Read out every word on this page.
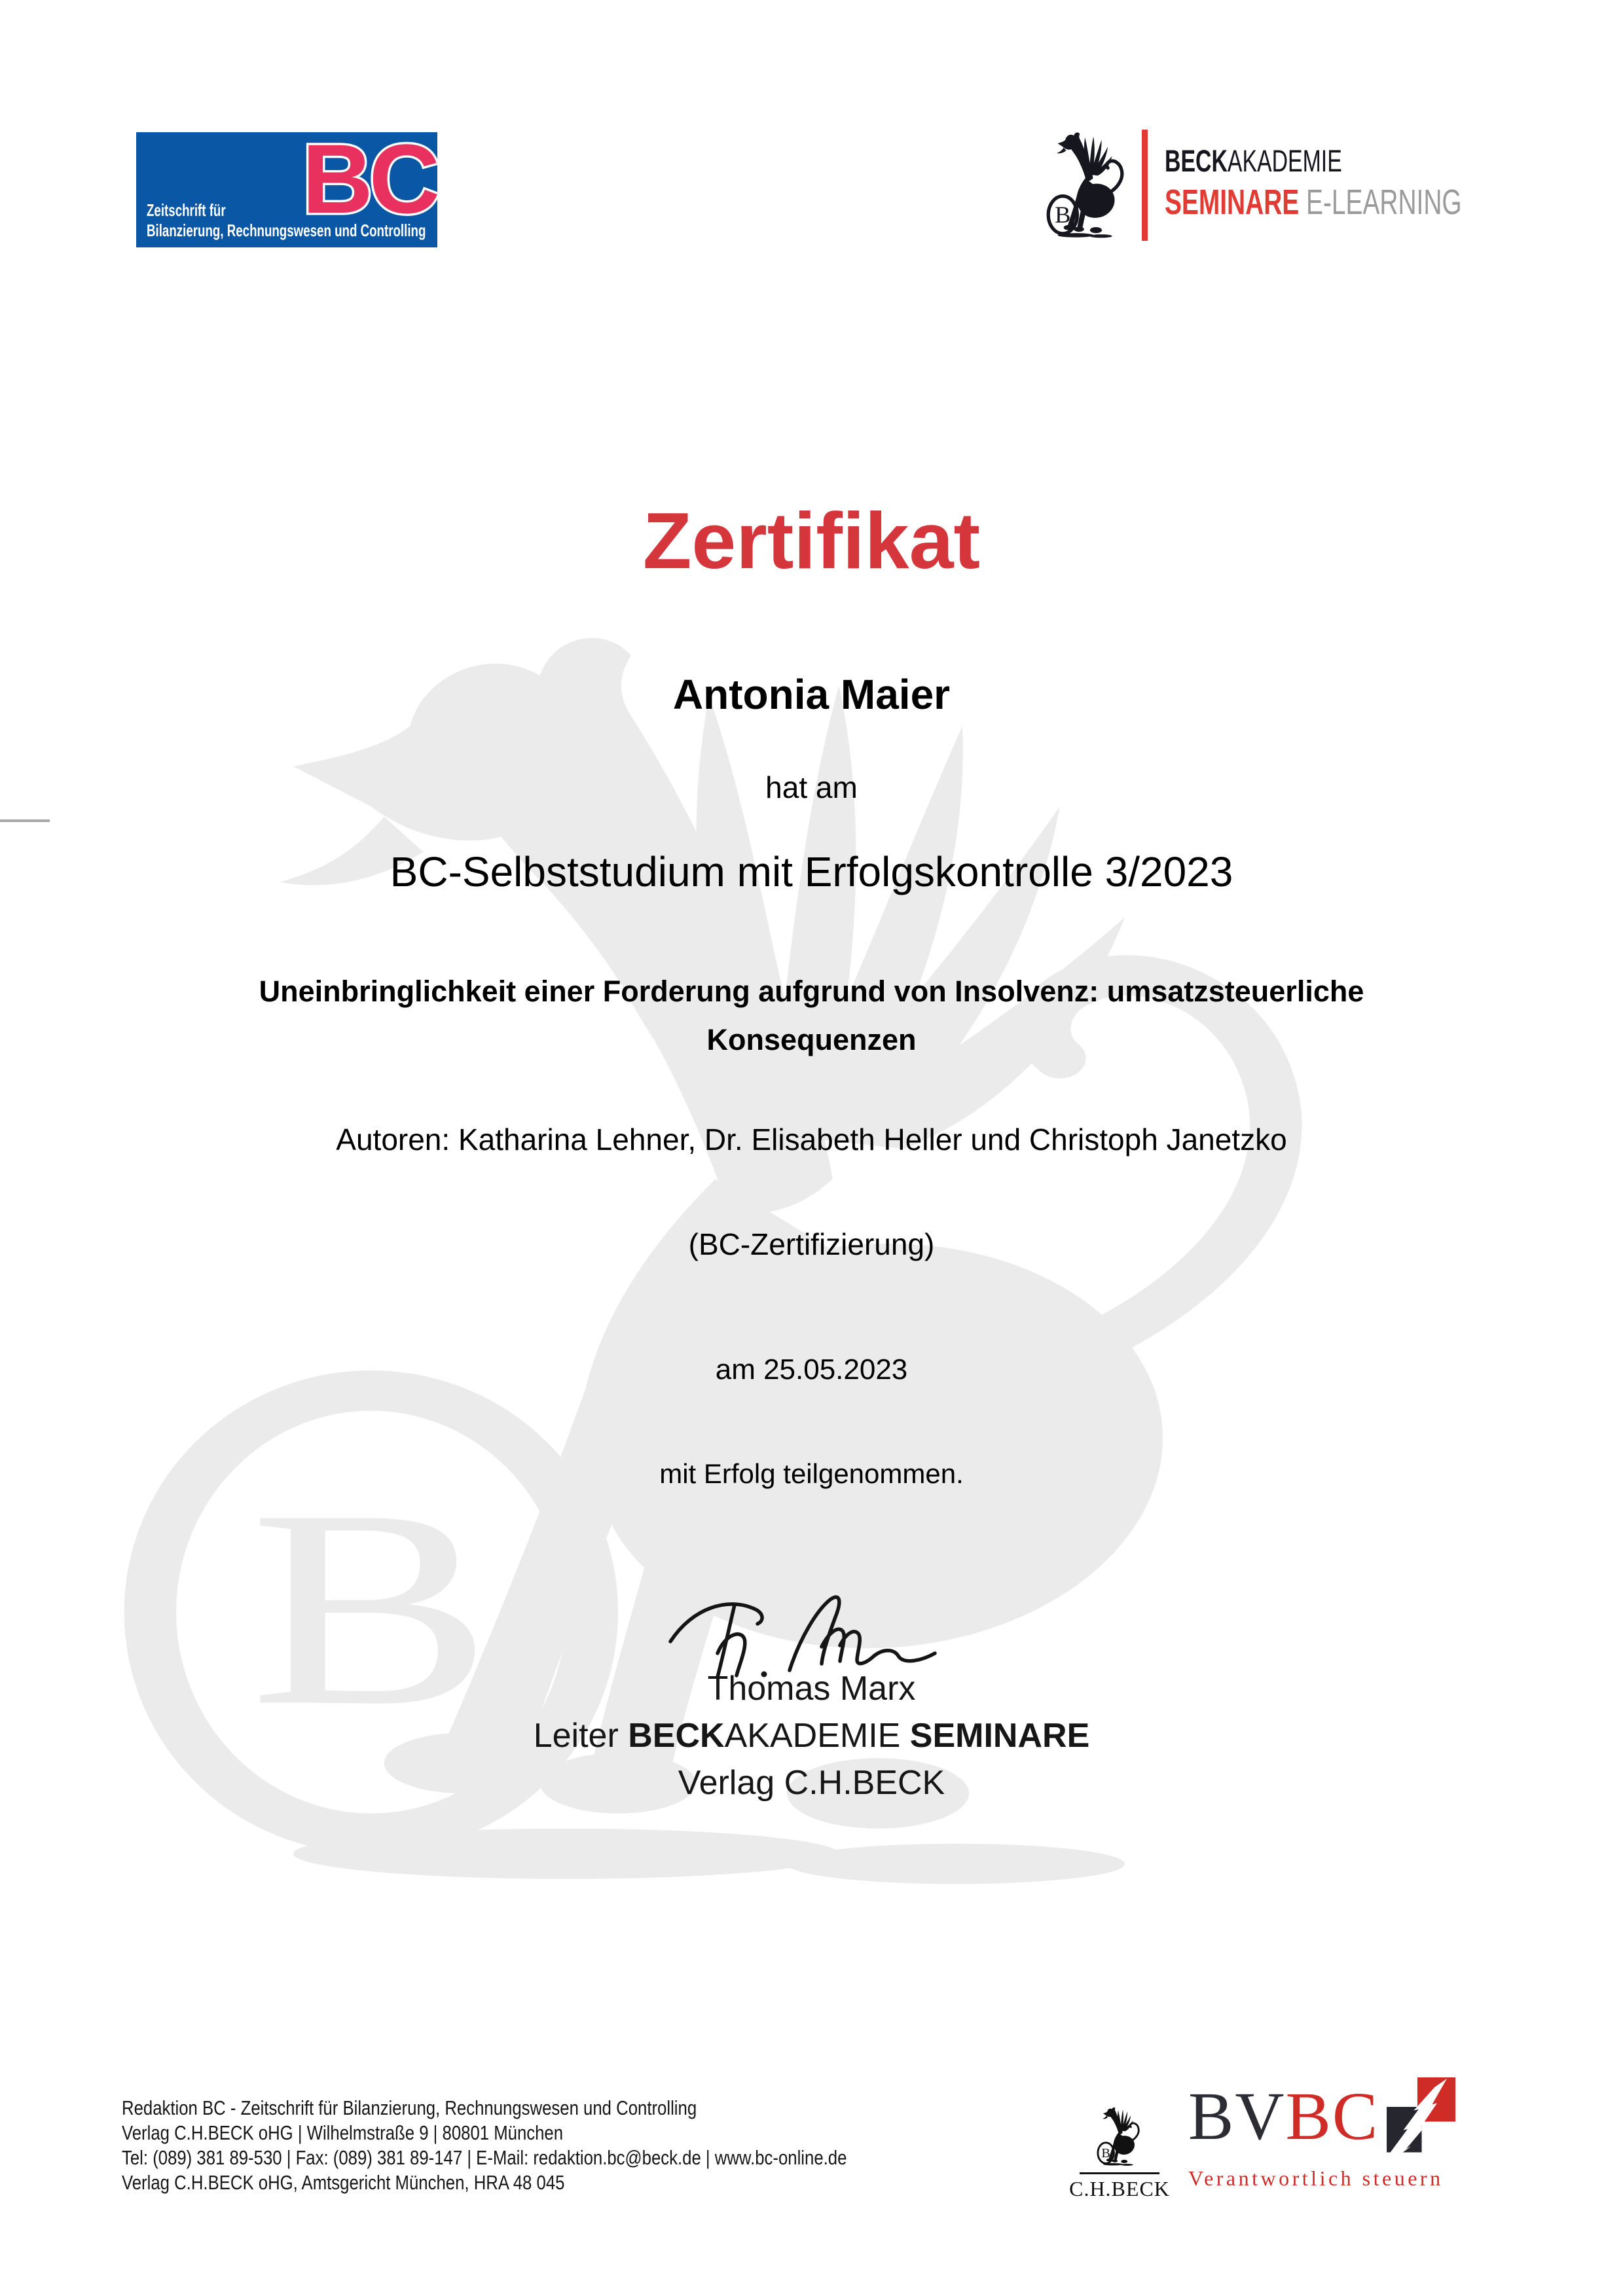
BC
Zeitschrift für
Bilanzierung, Rechnungswesen und Controlling
BECKAKADEMIE
SEMINARE E-LEARNING
Zertifikat
Antonia Maier
hat am
BC-Selbststudium mit Erfolgskontrolle 3/2023
Uneinbringlichkeit einer Forderung aufgrund von Insolvenz: umsatzsteuerliche
Konsequenzen
Autoren: Katharina Lehner, Dr. Elisabeth Heller und Christoph Janetzko
(BC-Zertifizierung)
am 25.05.2023
mit Erfolg teilgenommen.
Thomas Marx
Leiter BECKAKADEMIE SEMINARE
Verlag C.H.BECK
Redaktion BC - Zeitschrift für Bilanzierung, Rechnungswesen und Controlling
Verlag C.H.BECK oHG | Wilhelmstraße 9 | 80801 München
Tel: (089) 381 89-530 | Fax: (089) 381 89-147 | E-Mail: redaktion.bc@beck.de | www.bc-online.de
Verlag C.H.BECK oHG, Amtsgericht München, HRA 48 045	C.H.BECK
BVBC
Verantwortlich steuern
